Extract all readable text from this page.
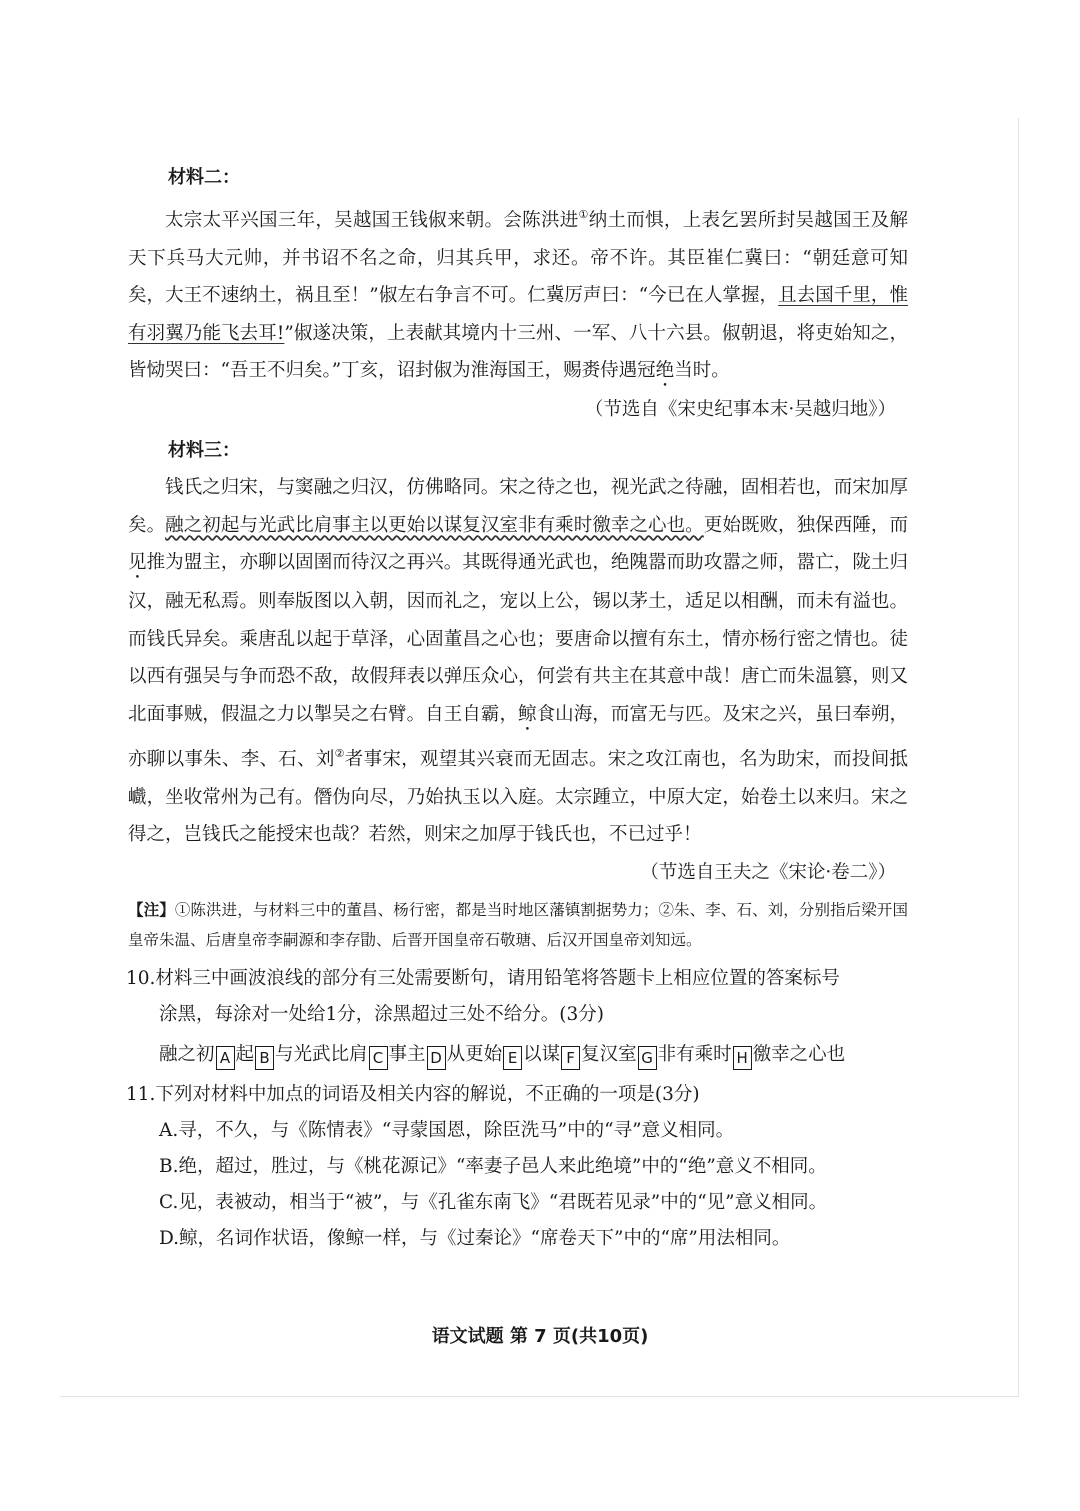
材料二：

太宗太平兴国三年，吴越国王钱俶来朝。会陈洪进①纳土而惧，上表乞罢所封吴越国王及解天下兵马大元帅，并书诏不名之命，归其兵甲，求还。帝不许。其臣崔仁冀曰：“朝廷意可知矣，大王不速纳土，祸且至！”俶左右争言不可。仁冀厉声曰：“今已在人掌握，且去国千里，惟有羽翼乃能飞去耳!”俶遂决策，上表献其境内十三州、一军、八十六县。俶朝退，将吏始知之，皆恸哭曰：“吾王不归矣。”丁亥，诏封俶为淮海国王，赐赉侍遇冠绝当时。

（节选自《宋史纪事本末·吴越归地》）

材料三：

钱氏之归宋，与窦融之归汉，仿佛略同。宋之待之也，视光武之待融，固相若也，而宋加厚矣。融之初起与光武比肩事主以更始以谋复汉室非有乘时徼幸之心也。更始既败，独保西陲，而见推为盟主，亦聊以固圉而待汉之再兴。其既得通光武也，绝隗嚣而助攻嚣之师，嚣亡，陇土归汉，融无私焉。则奉版图以入朝，因而礼之，宠以上公，锡以茅土，适足以相酬，而未有溢也。而钱氏异矣。乘唐乱以起于草泽，心固董昌之心也；要唐命以擅有东土，情亦杨行密之情也。徒以西有强吴与争而恐不敌，故假拜表以弹压众心，何尝有共主在其意中哉！唐亡而朱温篡，则又北面事贼，假温之力以掣吴之右臂。自王自霸，鲸食山海，而富无与匹。及宋之兴，虽曰奉朔，亦聊以事朱、李、石、刘②者事宋，观望其兴衰而无固志。宋之攻江南也，名为助宋，而投间抵巇，坐收常州为己有。僭伪向尽，乃始执玉以入庭。太宗踵立，中原大定，始卷土以来归。宋之得之，岂钱氏之能授宋也哉？若然，则宋之加厚于钱氏也，不已过乎！

（节选自王夫之《宋论·卷二》）

【注】①陈洪进，与材料三中的董昌、杨行密，都是当时地区藩镇割据势力；②朱、李、石、刘，分别指后梁开国皇帝朱温、后唐皇帝李嗣源和李存勖、后晋开国皇帝石敬瑭、后汉开国皇帝刘知远。

10.材料三中画波浪线的部分有三处需要断句，请用铅笔将答题卡上相应位置的答案标号

涂黑，每涂对一处给1分，涂黑超过三处不给分。(3分)

融之初 A 起 B 与光武比肩 C 事主 D 从更始 E 以谋 F 复汉室 G 非有乘时 H 徼幸之心也

11.下列对材料中加点的词语及相关内容的解说，不正确的一项是(3分)

A.寻，不久，与《陈情表》“寻蒙国恩，除臣洗马”中的“寻”意义相同。

B.绝，超过，胜过，与《桃花源记》“率妻子邑人来此绝境”中的“绝”意义不相同。

C.见，表被动，相当于“被”，与《孔雀东南飞》“君既若见录”中的“见”意义相同。

D.鲸，名词作状语，像鲸一样，与《过秦论》“席卷天下”中的“席”用法相同。

语文试题 第 7 页(共10页)
